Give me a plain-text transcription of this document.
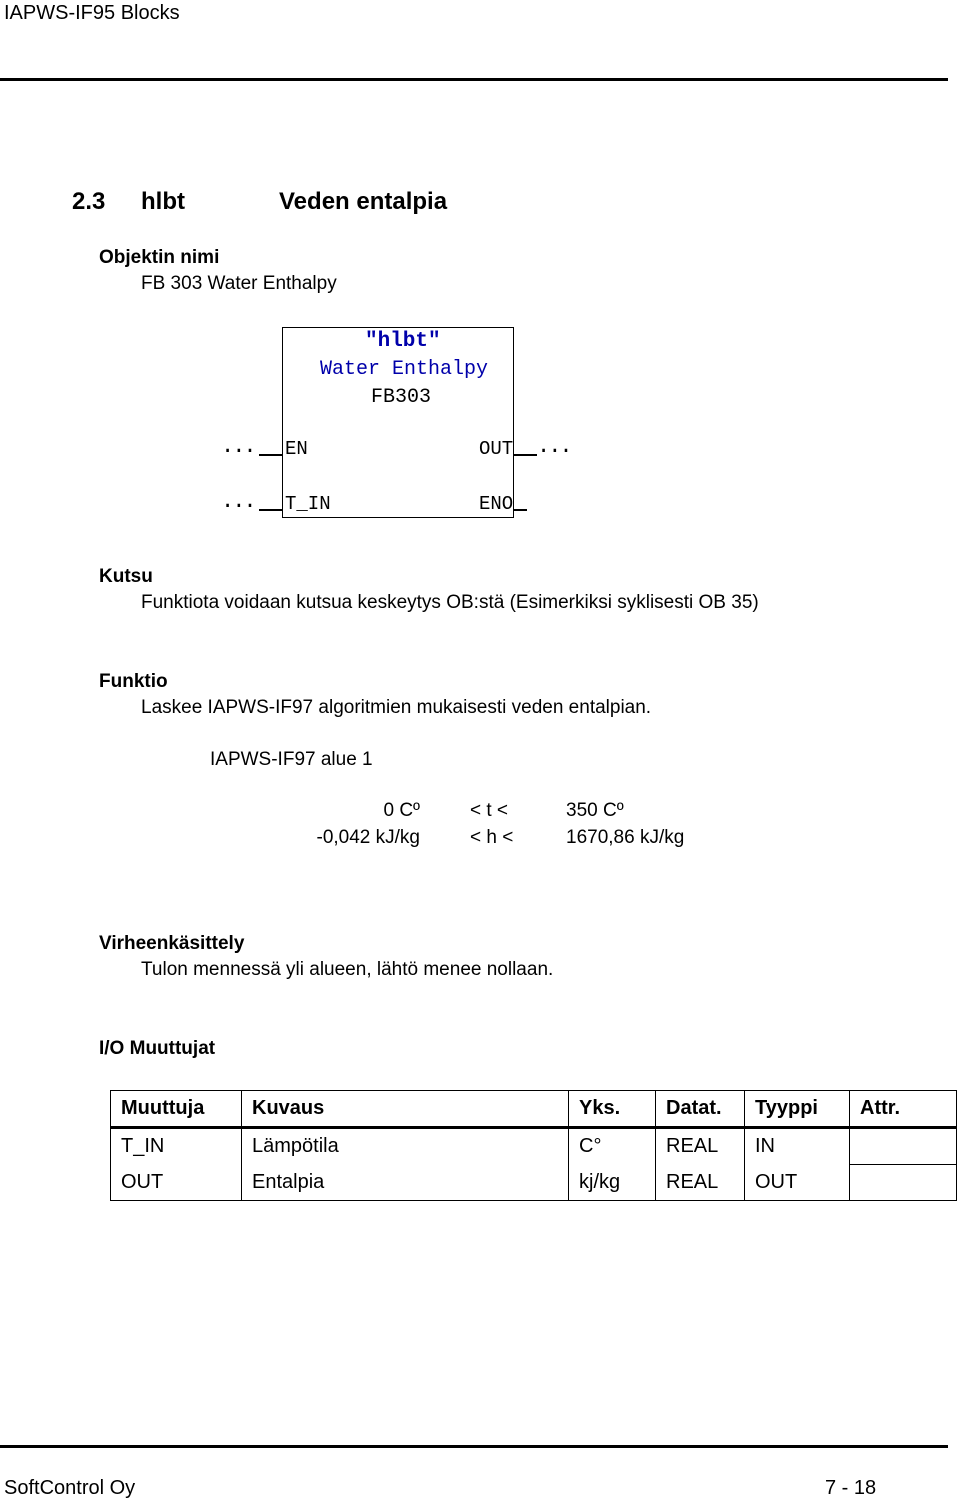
IAPWS-IF95 Blocks
2.3 hlbt	Veden entalpia
Objektin nimi
FB 303 Water Enthalpy
"hlbt"
Water Enthalpy
FB303
EN
T_IN
OUT
ENO
...
...
...
Kutsu
Funktiota voidaan kutsua keskeytys OB:stä (Esimerkiksi syklisesti OB 35)
Funktio
Laskee IAPWS-IF97 algoritmien mukaisesti veden entalpian.
IAPWS-IF97 alue 1
0 Cº	< t <	350 Cº
-0,042 kJ/kg	< h <	1670,86 kJ/kg
Virheenkäsittely
Tulon mennessä yli alueen, lähtö menee nollaan.
I/O Muuttujat
Muuttuja	Kuvaus	Yks.	Datat.	Tyyppi	Attr.
T_IN	Lämpötila	C°	REAL	IN	
OUT	Entalpia	kj/kg	REAL	OUT	
SoftControl Oy	7 - 18
